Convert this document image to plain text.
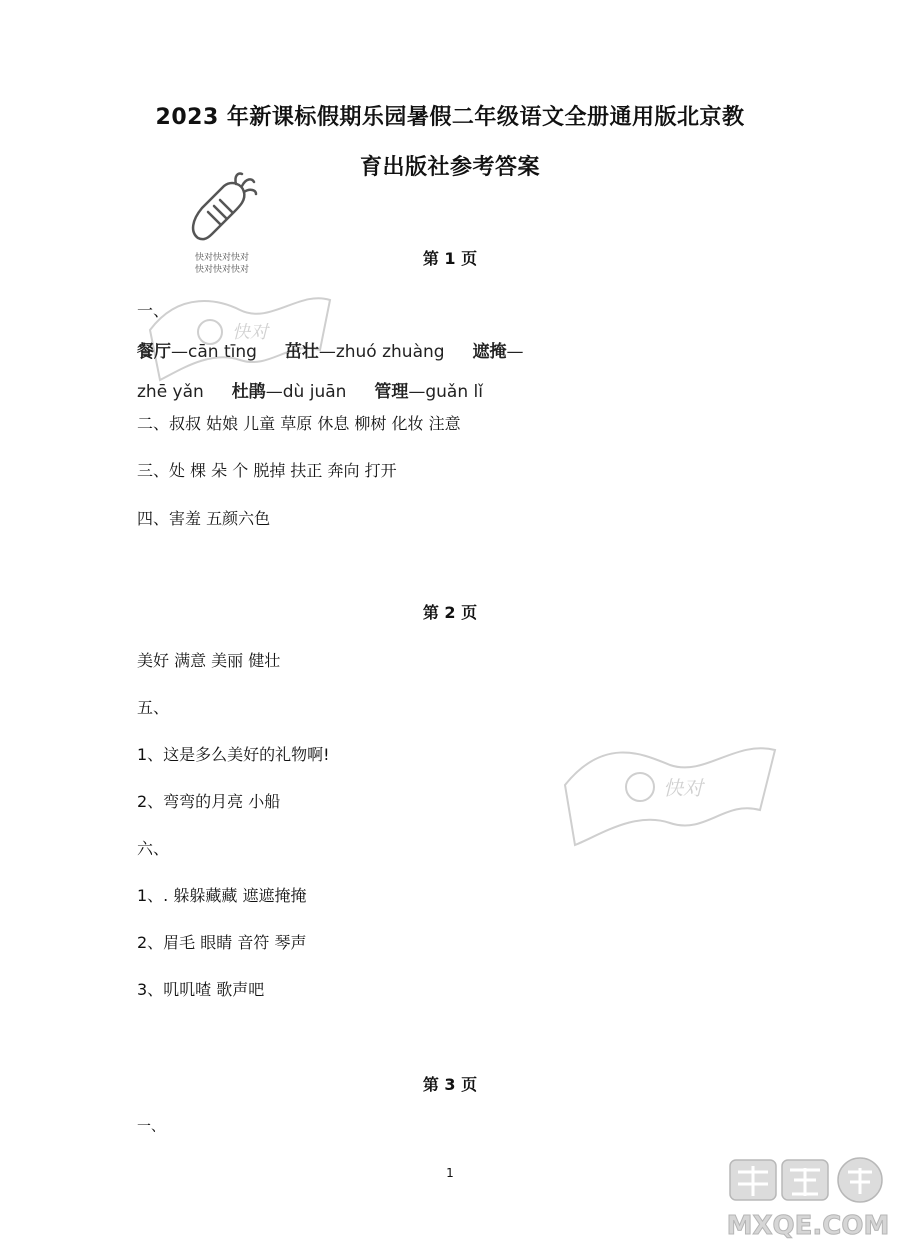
2023 年新课标假期乐园暑假二年级语文全册通用版北京教
育出版社参考答案
快对快对快对
快对快对快对
快对
快对
第 1 页
一、
餐厅—cān tīng 茁壮—zhuó zhuàng 遮掩—
zhē yǎn 杜鹃—dù juān 管理—guǎn lǐ
二、叔叔 姑娘 儿童 草原 休息 柳树 化妆 注意
三、处 棵 朵 个 脱掉 扶正 奔向 打开
四、害羞 五颜六色
第 2 页
美好 满意 美丽 健壮
五、
1、这是多么美好的礼物啊!
2、弯弯的月亮 小船
六、
1、. 躲躲藏藏 遮遮掩掩
2、眉毛 眼睛 音符 琴声
3、叽叽喳 歌声吧
第 3 页
一、
1
MXQE.COM
